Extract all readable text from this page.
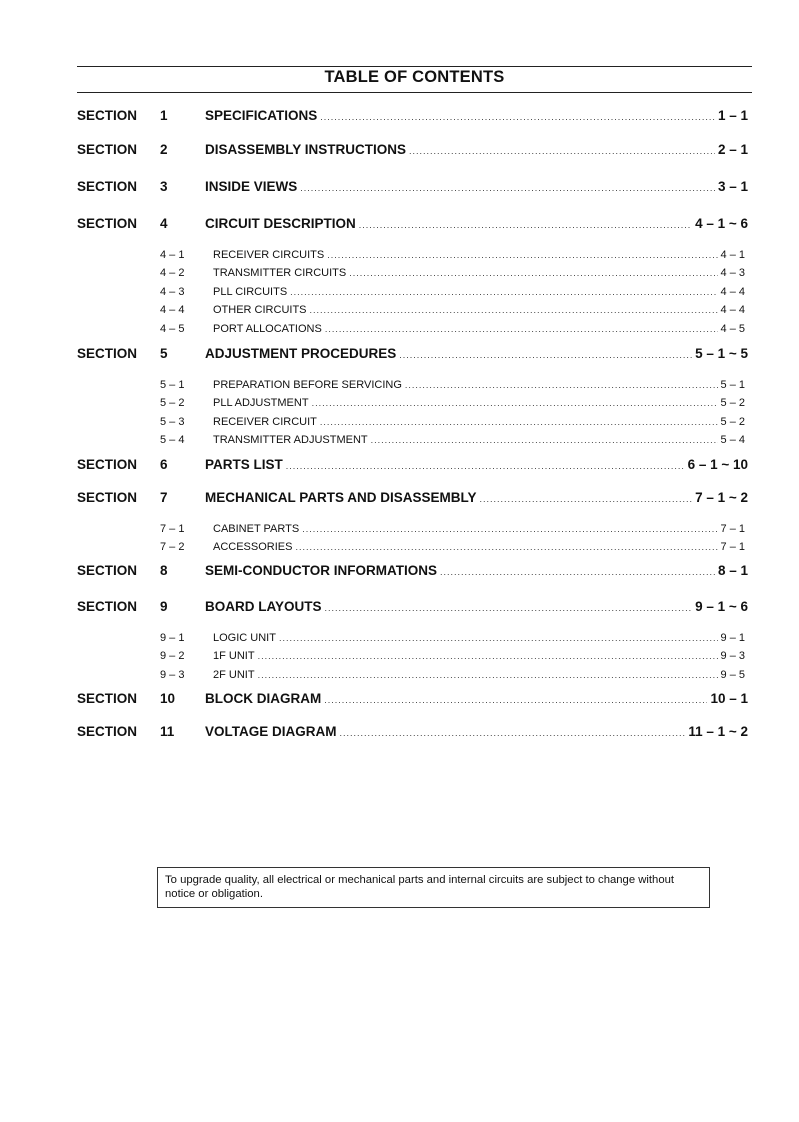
TABLE OF CONTENTS
SECTION 1	SPECIFICATIONS .....	1 – 1
SECTION 2	DISASSEMBLY INSTRUCTIONS .....	2 – 1
SECTION 3	INSIDE VIEWS .....	3 – 1
SECTION 4	CIRCUIT DESCRIPTION .....	4 – 1 ~ 6
4 – 1	RECEIVER CIRCUITS .....	4 – 1
4 – 2	TRANSMITTER CIRCUITS .....	4 – 3
4 – 3	PLL CIRCUITS .....	4 – 4
4 – 4	OTHER CIRCUITS .....	4 – 4
4 – 5	PORT ALLOCATIONS .....	4 – 5
SECTION 5	ADJUSTMENT PROCEDURES .....	5 – 1 ~ 5
5 – 1	PREPARATION BEFORE SERVICING .....	5 – 1
5 – 2	PLL ADJUSTMENT .....	5 – 2
5 – 3	RECEIVER CIRCUIT .....	5 – 2
5 – 4	TRANSMITTER ADJUSTMENT .....	5 – 4
SECTION 6	PARTS LIST .....	6 – 1 ~ 10
SECTION 7	MECHANICAL PARTS AND DISASSEMBLY .....	7 – 1 ~ 2
7 – 1	CABINET PARTS .....	7 – 1
7 – 2	ACCESSORIES .....	7 – 1
SECTION 8	SEMI-CONDUCTOR INFORMATIONS .....	8 – 1
SECTION 9	BOARD LAYOUTS .....	9 – 1 ~ 6
9 – 1	LOGIC UNIT .....	9 – 1
9 – 2	1F UNIT .....	9 – 3
9 – 3	2F UNIT .....	9 – 5
SECTION 10 BLOCK DIAGRAM .....	10 – 1
SECTION 11 VOLTAGE DIAGRAM .....	11 – 1 ~ 2
To upgrade quality, all electrical or mechanical parts and internal circuits are subject to change without notice or obligation.
